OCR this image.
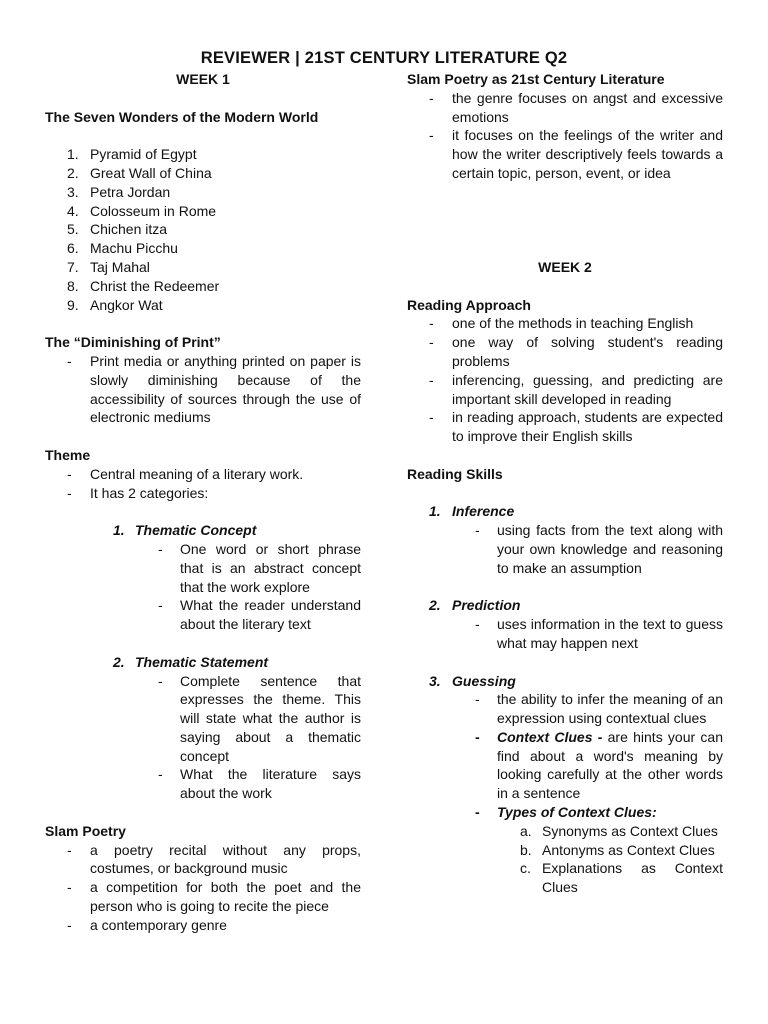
REVIEWER | 21ST CENTURY LITERATURE Q2
WEEK 1
The Seven Wonders of the Modern World
1. Pyramid of Egypt
2. Great Wall of China
3. Petra Jordan
4. Colosseum in Rome
5. Chichen itza
6. Machu Picchu
7. Taj Mahal
8. Christ the Redeemer
9. Angkor Wat
The “Diminishing of Print”
- Print media or anything printed on paper is slowly diminishing because of the accessibility of sources through the use of electronic mediums
Theme
- Central meaning of a literary work.
- It has 2 categories:
1. Thematic Concept
- One word or short phrase that is an abstract concept that the work explore
- What the reader understand about the literary text
2. Thematic Statement
- Complete sentence that expresses the theme. This will state what the author is saying about a thematic concept
- What the literature says about the work
Slam Poetry
- a poetry recital without any props, costumes, or background music
- a competition for both the poet and the person who is going to recite the piece
- a contemporary genre
Slam Poetry as 21st Century Literature
- the genre focuses on angst and excessive emotions
- it focuses on the feelings of the writer and how the writer descriptively feels towards a certain topic, person, event, or idea
WEEK 2
Reading Approach
- one of the methods in teaching English
- one way of solving student's reading problems
- inferencing, guessing, and predicting are important skill developed in reading
- in reading approach, students are expected to improve their English skills
Reading Skills
1. Inference
- using facts from the text along with your own knowledge and reasoning to make an assumption
2. Prediction
- uses information in the text to guess what may happen next
3. Guessing
- the ability to infer the meaning of an expression using contextual clues
- Context Clues - are hints your can find about a word's meaning by looking carefully at the other words in a sentence
- Types of Context Clues:
a. Synonyms as Context Clues
b. Antonyms as Context Clues
c. Explanations as Context Clues
